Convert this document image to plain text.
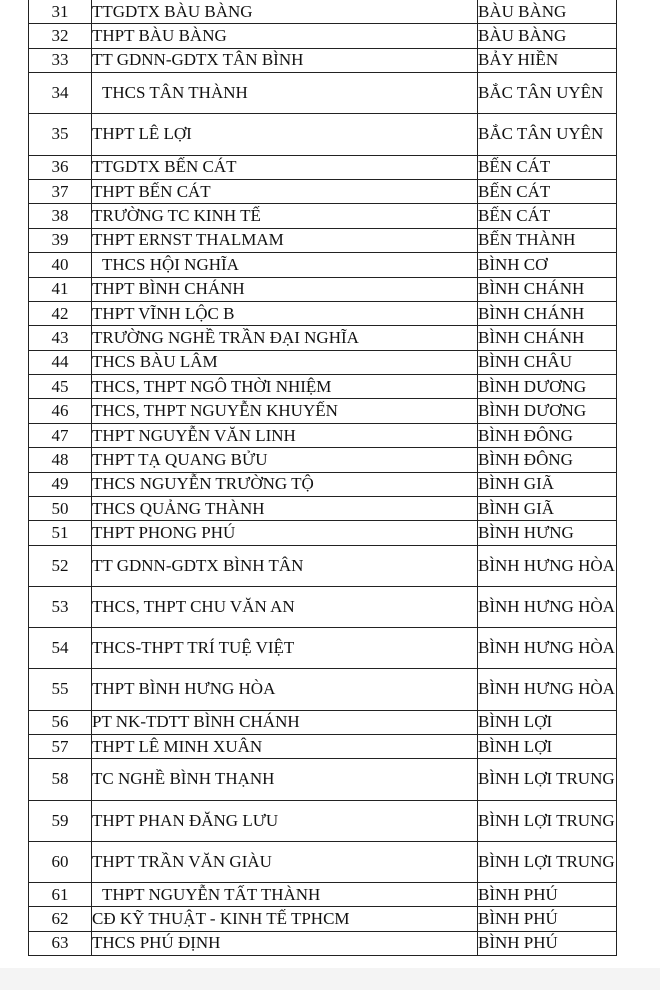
31	TTGDTX BÀU BÀNG	BÀU BÀNG
32	THPT BÀU BÀNG	BÀU BÀNG
33	TT GDNN-GDTX TÂN BÌNH	BẢY HIỀN
34	THCS TÂN THÀNH	BẮC TÂN UYÊN
35	THPT LÊ LỢI	BẮC TÂN UYÊN
36	TTGDTX BẾN CÁT	BẾN CÁT
37	THPT BẾN CÁT	BẾN CÁT
38	TRƯỜNG TC KINH TẾ	BẾN CÁT
39	THPT ERNST THALMAM	BẾN THÀNH
40	THCS HỘI NGHĨA	BÌNH CƠ
41	THPT BÌNH CHÁNH	BÌNH CHÁNH
42	THPT VĨNH LỘC B	BÌNH CHÁNH
43	TRƯỜNG NGHỀ TRẦN ĐẠI NGHĨA	BÌNH CHÁNH
44	THCS BÀU LÂM	BÌNH CHÂU
45	THCS, THPT NGÔ THỜI NHIỆM	BÌNH DƯƠNG
46	THCS, THPT NGUYỄN KHUYẾN	BÌNH DƯƠNG
47	THPT NGUYỄN VĂN LINH	BÌNH ĐÔNG
48	THPT TẠ QUANG BỬU	BÌNH ĐÔNG
49	THCS NGUYỄN TRƯỜNG TỘ	BÌNH GIÃ
50	THCS QUẢNG THÀNH	BÌNH GIÃ
51	THPT PHONG PHÚ	BÌNH HƯNG
52	TT GDNN-GDTX BÌNH TÂN	BÌNH HƯNG HÒA
53	THCS, THPT CHU VĂN AN	BÌNH HƯNG HÒA
54	THCS-THPT TRÍ TUỆ VIỆT	BÌNH HƯNG HÒA
55	THPT BÌNH HƯNG HÒA	BÌNH HƯNG HÒA
56	PT NK-TDTT BÌNH CHÁNH	BÌNH LỢI
57	THPT LÊ MINH XUÂN	BÌNH LỢI
58	TC NGHỀ BÌNH THẠNH	BÌNH LỢI TRUNG
59	THPT PHAN ĐĂNG LƯU	BÌNH LỢI TRUNG
60	THPT TRẦN VĂN GIÀU	BÌNH LỢI TRUNG
61	THPT NGUYỄN TẤT THÀNH	BÌNH PHÚ
62	CĐ KỸ THUẬT - KINH TẾ TPHCM	BÌNH PHÚ
63	THCS PHÚ ĐỊNH	BÌNH PHÚ
